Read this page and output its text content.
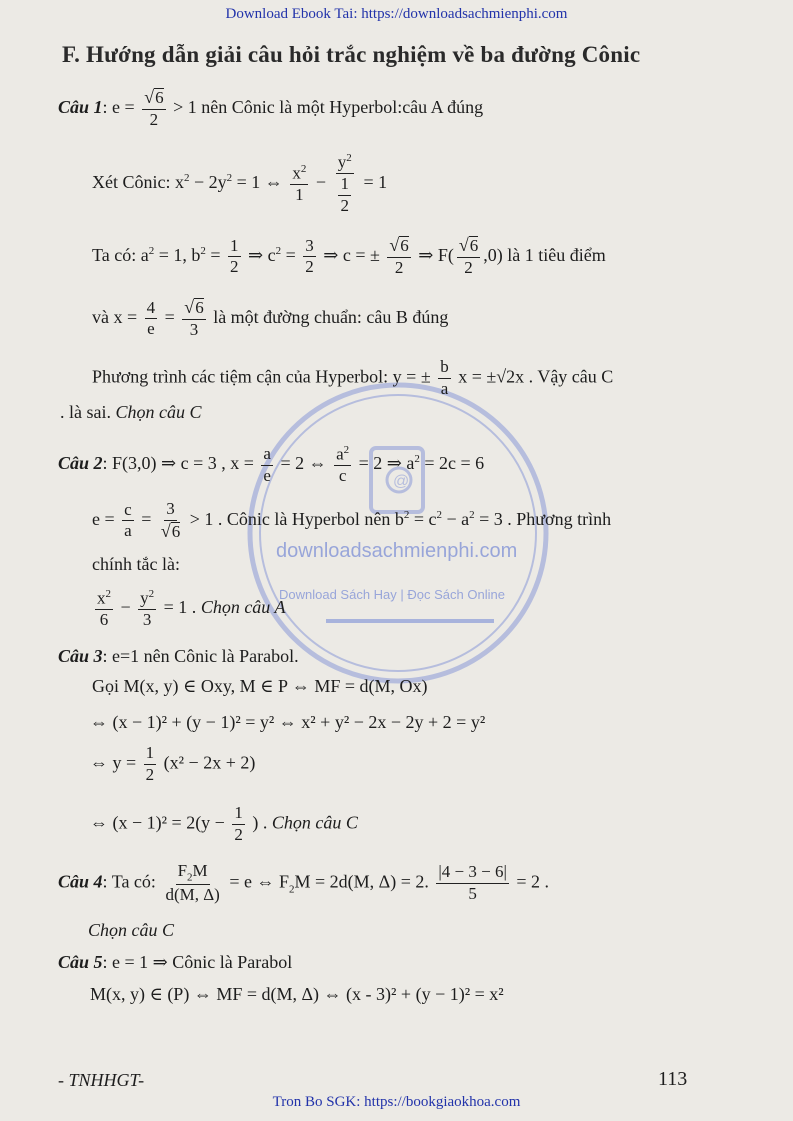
Download Ebook Tai: https://downloadsachmienphi.com
F. Hướng dẫn giải câu hỏi trắc nghiệm về ba đường Cônic
@
downloadsachmienphi.com
Download Sách Hay | Đọc Sách Online
Câu 1: $e = \frac{√6}{2} > 1$ nên Cônic là một Hyperbol:câu A đúng
Xét Cônic: $x^2 - 2y^2 = 1$ ⇔ $\frac{x^2}{1} - \frac{y^2}{\frac{1}{2}} = 1$
Ta có: $a^2 = 1$, $b^2 = \frac{1}{2}$ ⇒ $c^2 = \frac{3}{2}$ ⇒ c = ± $\frac{√6}{2}$ ⇒ $F( \frac{√6}{2} ,0)$ là 1 tiêu điểm
và $x = \frac{4}{e} = \frac{√6}{3}$ là một đường chuẩn: câu B đúng
Phương trình các tiệm cận của Hyperbol: y = ± $\frac{b}{a}$ x = ±√2x . Vậy câu C
. là sai. Chọn câu C
Câu 2: F(3,0) ⇒ c = 3 , $x = \frac{a}{e} = 2$ ⇔ $\frac{a^2}{c} = 2$ ⇒ $a^2 = 2c = 6$
$e = \frac{c}{a} = \frac{3}{√6} > 1$ . Cônic là Hyperbol nên $b^2 = c^2 - a^2 = 3$ . Phương trình
chính tắc là:
$\frac{x^2}{6} - \frac{y^2}{3} = 1$ . Chọn câu A
Câu 3: e=1 nên Cônic là Parabol.
Gọi M(x, y) ∈ Oxy, M ∈ P ⇔ MF = d(M, Ox)
⇔ (x − 1)² + (y − 1)² = y² ⇔ x² + y² − 2x − 2y + 2 = y²
⇔ $y = \frac{1}{2} (x^2 - 2x + 2)$
⇔ $(x - 1)^2 = 2(y - \frac{1}{2}$ ) . Chọn câu C
Câu 4: Ta có: $\frac{F_2M}{d(M, \Delta)} = e$ ⇔ $F_2M = 2d(M$, Δ) = 2. $\frac{|4 - 3 - 6|}{5} = 2$ .
Chọn câu C
Câu 5: e = 1 ⇒ Cônic là Parabol
M(x, y) ∈ (P) ⇔ MF = d(M, Δ) ⇔ (x - 3)² + (y − 1)² = x²
- TNHHGT-	113
Tron Bo SGK: https://bookgiaokhoa.com
